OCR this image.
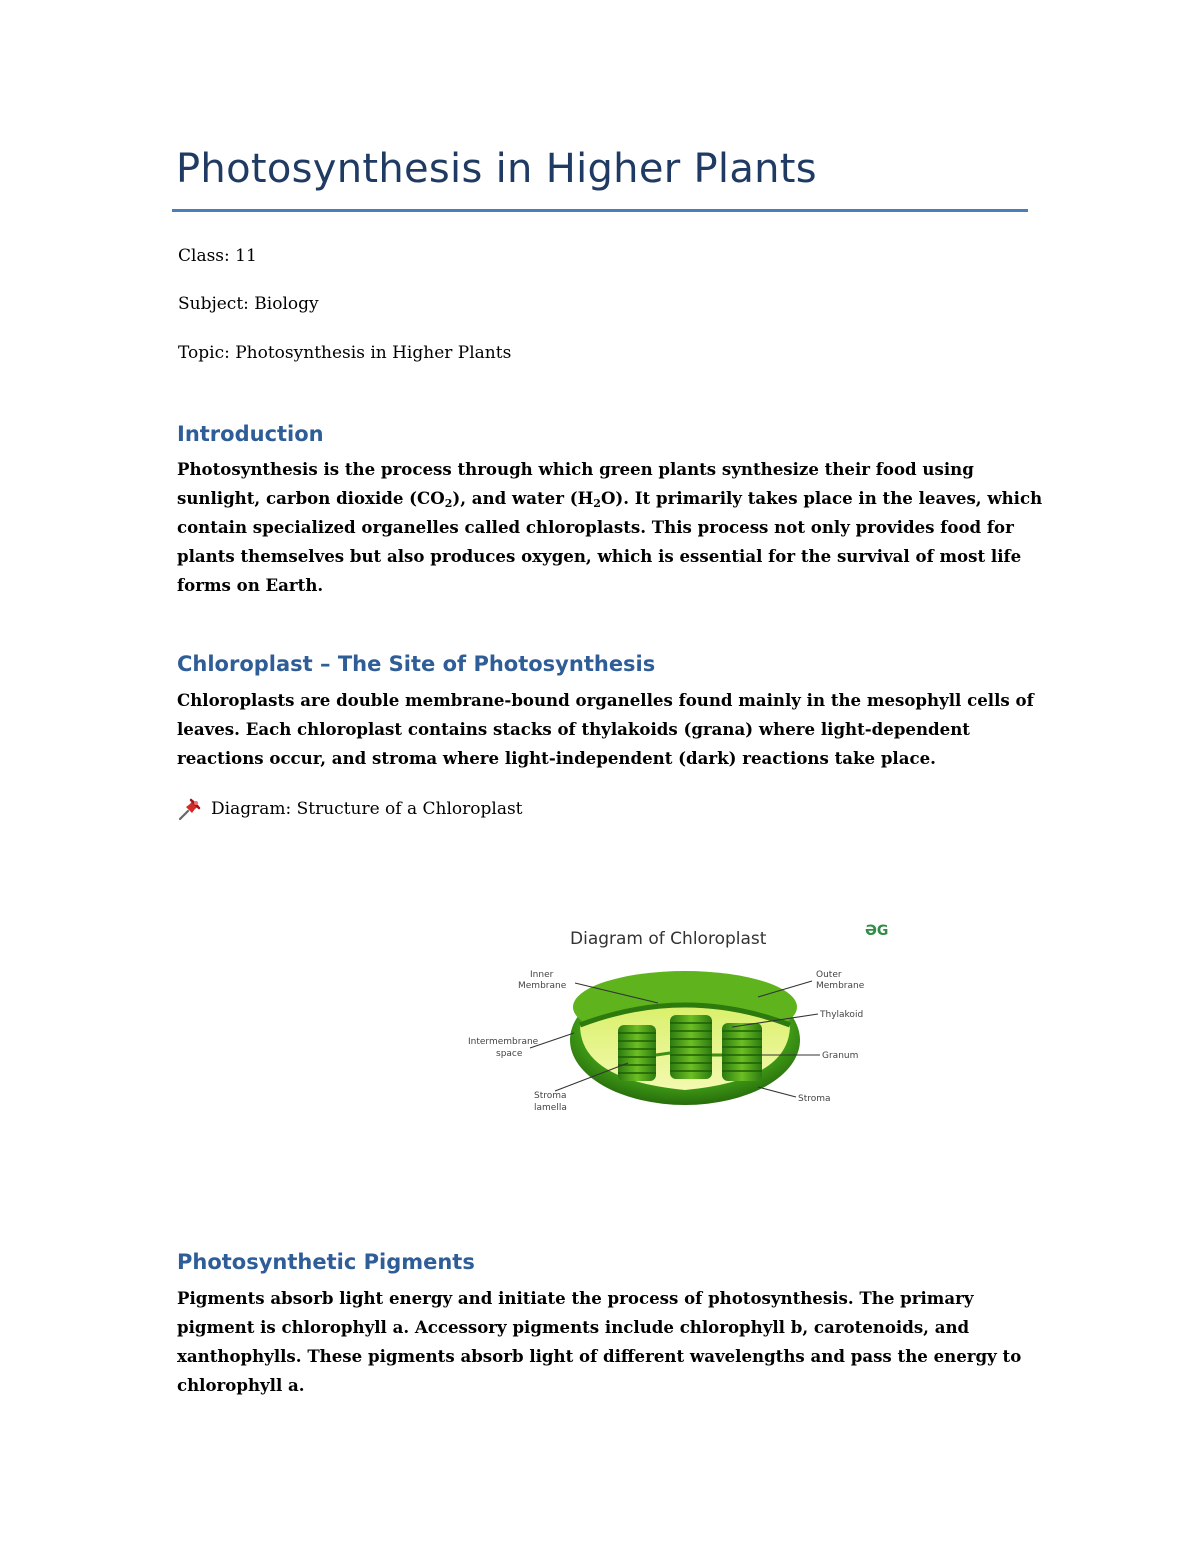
Photosynthesis in Higher Plants
Class: 11
Subject: Biology
Topic: Photosynthesis in Higher Plants
Introduction
Photosynthesis is the process through which green plants synthesize their food using
sunlight, carbon dioxide $(CO_2)$, and water $(H_2O)$. It primarily takes place in the leaves, which
contain specialized organelles called chloroplasts. This process not only provides food for
plants themselves but also produces oxygen, which is essential for the survival of most life
forms on Earth.
Chloroplast – The Site of Photosynthesis
Chloroplasts are double membrane-bound organelles found mainly in the mesophyll cells of
leaves. Each chloroplast contains stacks of thylakoids (grana) where light-dependent
reactions occur, and stroma where light-independent (dark) reactions take place.
Diagram: Structure of a Chloroplast
Diagram of Chloroplast	ƏG
Inner
Membrane
Outer
Membrane
Thylakoid
Intermembrane
space	Granum
Stroma
lamella
Stroma
Photosynthetic Pigments
Pigments absorb light energy and initiate the process of photosynthesis. The primary
pigment is chlorophyll a. Accessory pigments include chlorophyll b, carotenoids, and
xanthophylls. These pigments absorb light of different wavelengths and pass the energy to
chlorophyll a.
